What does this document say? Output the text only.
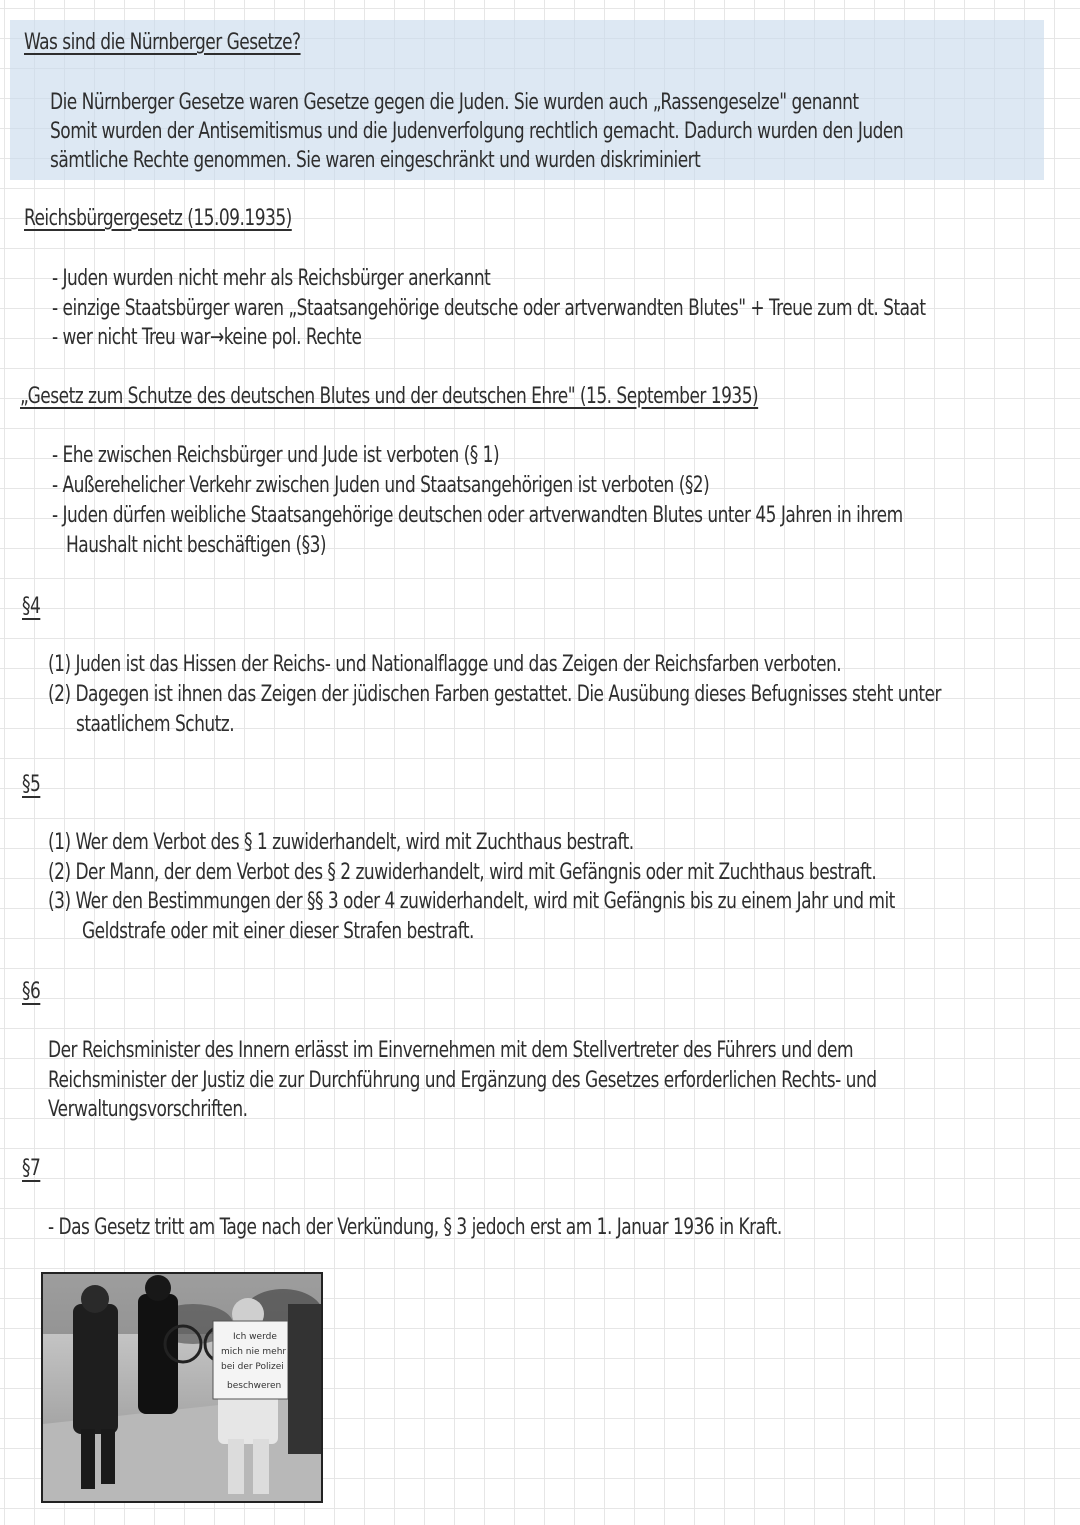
Was sind die Nürnberger Gesetze?
Die Nürnberger Gesetze waren Gesetze gegen die Juden. Sie wurden auch „Rassengeselze" genannt
Somit wurden der Antisemitismus und die Judenverfolgung rechtlich gemacht. Dadurch wurden den Juden
sämtliche Rechte genommen. Sie waren eingeschränkt und wurden diskriminiert
Reichsbürgergesetz (15.09.1935)
- Juden wurden nicht mehr als Reichsbürger anerkannt
- einzige Staatsbürger waren „Staatsangehörige deutsche oder artverwandten Blutes" + Treue zum dt. Staat
- wer nicht Treu war→keine pol. Rechte
„Gesetz zum Schutze des deutschen Blutes und der deutschen Ehre" (15. September 1935)
- Ehe zwischen Reichsbürger und Jude ist verboten (§ 1)
- Außerehelicher Verkehr zwischen Juden und Staatsangehörigen ist verboten (§2)
- Juden dürfen weibliche Staatsangehörige deutschen oder artverwandten Blutes unter 45 Jahren in ihrem
Haushalt nicht beschäftigen (§3)
§4
(1) Juden ist das Hissen der Reichs- und Nationalflagge und das Zeigen der Reichsfarben verboten.
(2) Dagegen ist ihnen das Zeigen der jüdischen Farben gestattet. Die Ausübung dieses Befugnisses steht unter
staatlichem Schutz.
§5
(1) Wer dem Verbot des § 1 zuwiderhandelt, wird mit Zuchthaus bestraft.
(2) Der Mann, der dem Verbot des § 2 zuwiderhandelt, wird mit Gefängnis oder mit Zuchthaus bestraft.
(3) Wer den Bestimmungen der §§ 3 oder 4 zuwiderhandelt, wird mit Gefängnis bis zu einem Jahr und mit
Geldstrafe oder mit einer dieser Strafen bestraft.
§6
Der Reichsminister des Innern erlässt im Einvernehmen mit dem Stellvertreter des Führers und dem
Reichsminister der Justiz die zur Durchführung und Ergänzung des Gesetzes erforderlichen Rechts- und
Verwaltungsvorschriften.
§7
- Das Gesetz tritt am Tage nach der Verkündung, § 3 jedoch erst am 1. Januar 1936 in Kraft.
Ich werde
mich nie mehr
bei der Polizei
beschweren
